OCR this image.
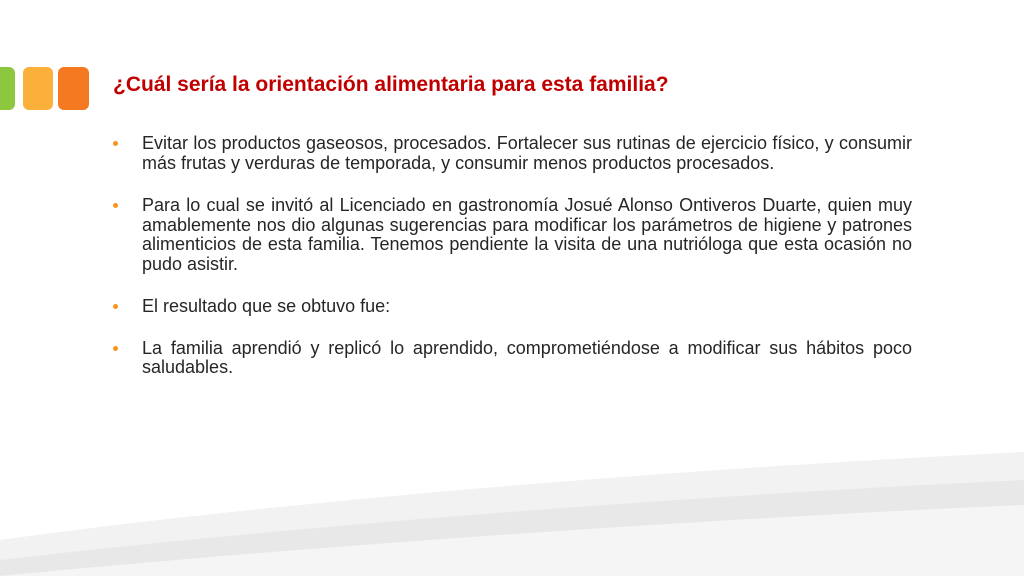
¿Cuál sería la orientación alimentaria para esta familia?
Evitar los productos gaseosos, procesados. Fortalecer sus rutinas de ejercicio físico, y consumir más frutas y verduras de temporada, y consumir menos productos procesados.
Para lo cual se invitó al Licenciado en gastronomía Josué Alonso Ontiveros Duarte, quien muy amablemente nos dio algunas sugerencias para modificar los parámetros de higiene y patrones alimenticios de esta familia. Tenemos pendiente la visita de una nutrióloga que esta ocasión no pudo asistir.
El resultado que se obtuvo fue:
La familia aprendió y replicó lo aprendido, comprometiéndose a modificar sus hábitos poco saludables.
